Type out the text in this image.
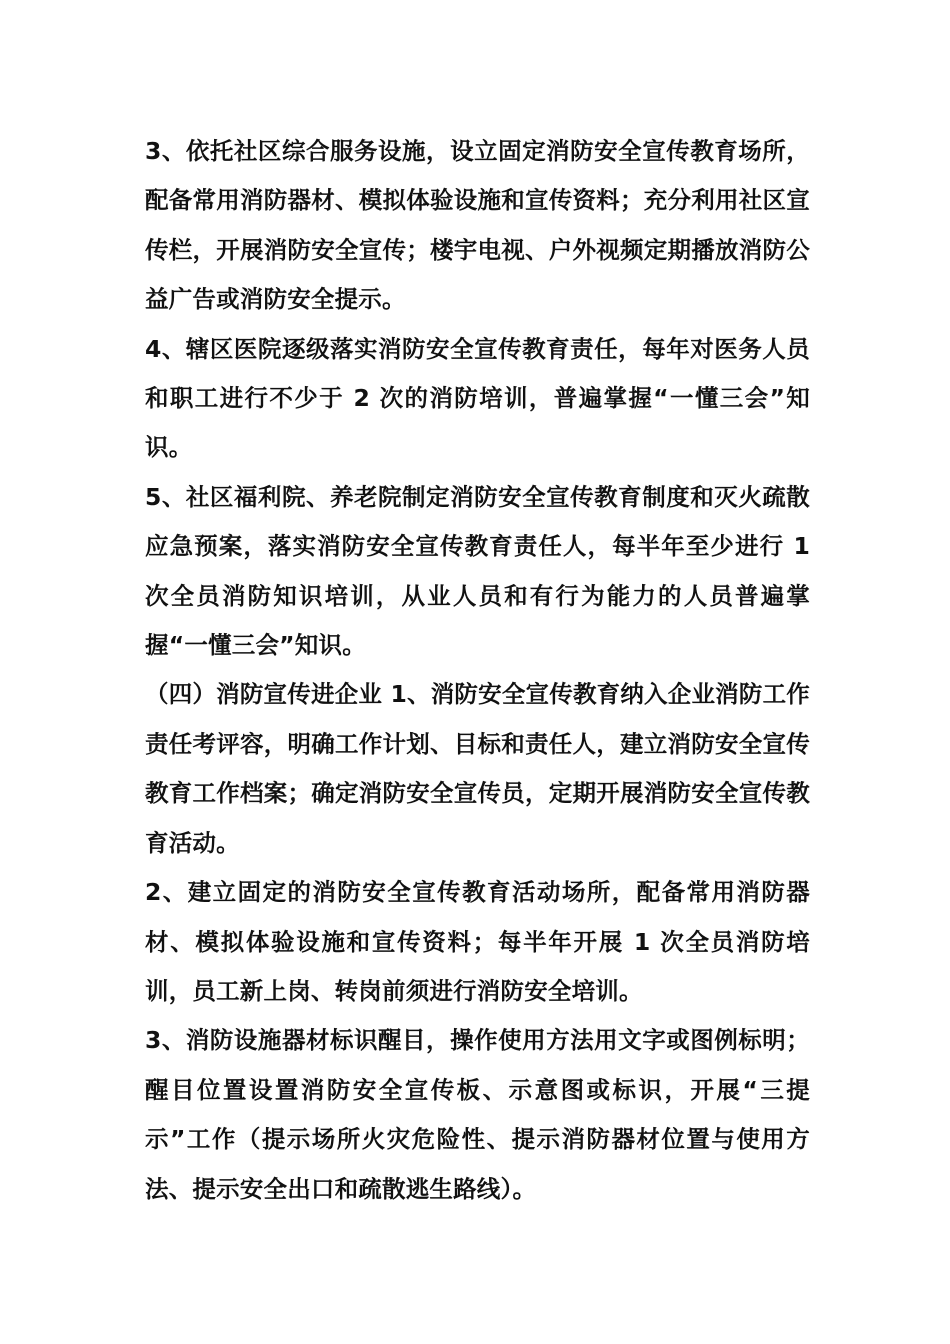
3、依托社区综合服务设施，设立固定消防安全宣传教育场所，配备常用消防器材、模拟体验设施和宣传资料；充分利用社区宣传栏，开展消防安全宣传；楼宇电视、户外视频定期播放消防公益广告或消防安全提示。

4、辖区医院逐级落实消防安全宣传教育责任，每年对医务人员和职工进行不少于 2 次的消防培训，普遍掌握“一懂三会”知识。

5、社区福利院、养老院制定消防安全宣传教育制度和灭火疏散应急预案，落实消防安全宣传教育责任人，每半年至少进行 1 次全员消防知识培训，从业人员和有行为能力的人员普遍掌握“一懂三会”知识。

（四）消防宣传进企业 1、消防安全宣传教育纳入企业消防工作责任考评容，明确工作计划、目标和责任人，建立消防安全宣传教育工作档案；确定消防安全宣传员，定期开展消防安全宣传教育活动。

2、建立固定的消防安全宣传教育活动场所，配备常用消防器材、模拟体验设施和宣传资料；每半年开展 1 次全员消防培训，员工新上岗、转岗前须进行消防安全培训。

3、消防设施器材标识醒目，操作使用方法用文字或图例标明；醒目位置设置消防安全宣传板、示意图或标识，开展“三提示”工作（提示场所火灾危险性、提示消防器材位置与使用方法、提示安全出口和疏散逃生路线）。
